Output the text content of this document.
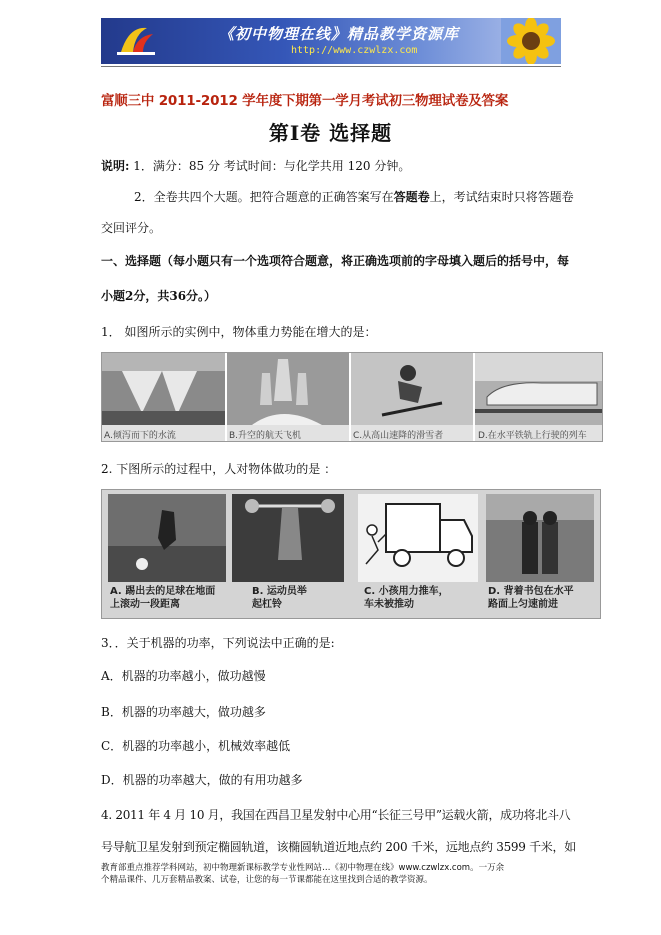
《初中物理在线》精品教学资源库
http://www.czwlzx.com
富顺三中 2011-2012 学年度下期第一学月考试初三物理试卷及答案
第Ⅰ卷 选择题
说明: 1．满分：85 分 考试时间：与化学共用 120 分钟。
2．全卷共四个大题。把符合题意的正确答案写在答题卷上，考试结束时只将答题卷
交回评分。
一、选择题（每小题只有一个选项符合题意，将正确选项前的字母填入题后的括号中，每
小题2分，共36分。）
1． 如图所示的实例中，物体重力势能在增大的是：
A.倾泻而下的水流	B.升空的航天飞机	C.从高山速降的滑雪者	D.在水平铁轨上行驶的列车
2. 下图所示的过程中，人对物体做功的是 ：
A. 踢出去的足球在地面
上滚动一段距离
B. 运动员举
起杠铃
C. 小孩用力推车，
车未被推动
D. 背着书包在水平
路面上匀速前进
3．．关于机器的功率，下列说法中正确的是:
A．机器的功率越小，做功越慢
B．机器的功率越大，做功越多
C．机器的功率越小，机械效率越低
D．机器的功率越大，做的有用功越多
4. 2011 年 4 月 10 月，我国在西昌卫星发射中心用“长征三号甲”运载火箭，成功将北斗八
号导航卫星发射到预定椭圆轨道，该椭圆轨道近地点约 200 千米，远地点约 3599 千米，如
教育部重点推荐学科网站，初中物理新课标教学专业性网站…《初中物理在线》www.czwlzx.com。一万余
个精品课件、几万套精品教案、试卷，让您的每一节课都能在这里找到合适的教学资源。
